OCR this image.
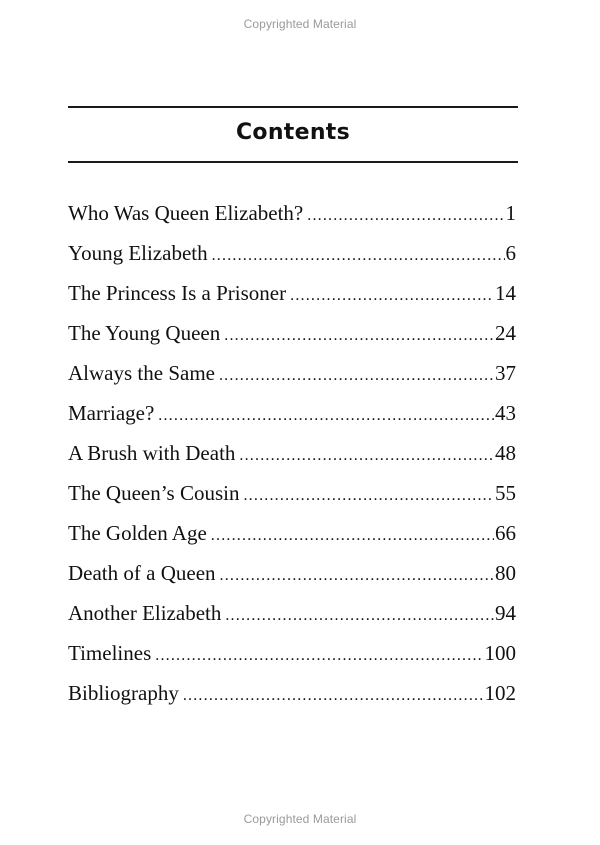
Copyrighted Material
Contents
Who Was Queen Elizabeth? .....	1
Young Elizabeth .....	6
The Princess Is a Prisoner .....	14
The Young Queen .....	24
Always the Same .....	37
Marriage? .....	43
A Brush with Death .....	48
The Queen’s Cousin .....	55
The Golden Age .....	66
Death of a Queen .....	80
Another Elizabeth .....	94
Timelines .....	100
Bibliography .....	102
Copyrighted Material
